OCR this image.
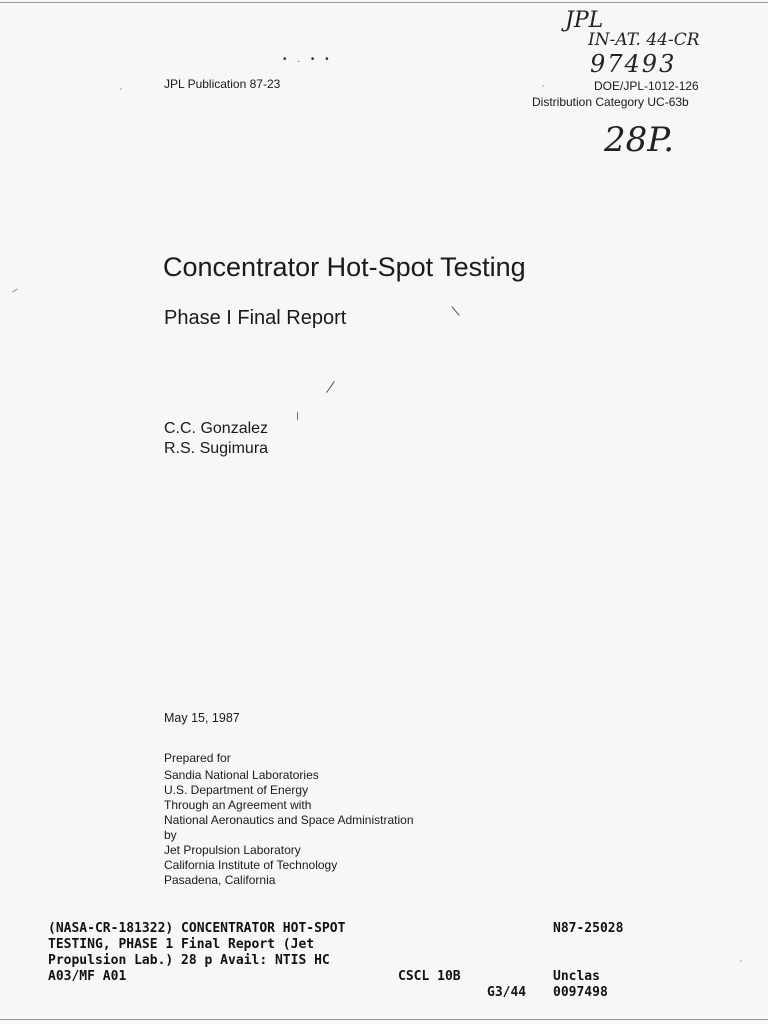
JPL
IN-AT. 44-CR
97493
28P.
• . • •
JPL Publication 87-23	DOE/JPL-1012-126
Distribution Category UC-63b
Concentrator Hot-Spot Testing
Phase I Final Report
C.C. Gonzalez
R.S. Sugimura
May 15, 1987
Prepared for
Sandia National Laboratories
U.S. Department of Energy
Through an Agreement with
National Aeronautics and Space Administration
by
Jet Propulsion Laboratory
California Institute of Technology
Pasadena, California
(NASA-CR-181322) CONCENTRATOR HOT-SPOT
TESTING, PHASE 1 Final Report (Jet
Propulsion Lab.) 28 p Avail: NTIS HC
A03/MF A01	CSCL 10B
G3/44
N87-25028
Unclas
0097498
